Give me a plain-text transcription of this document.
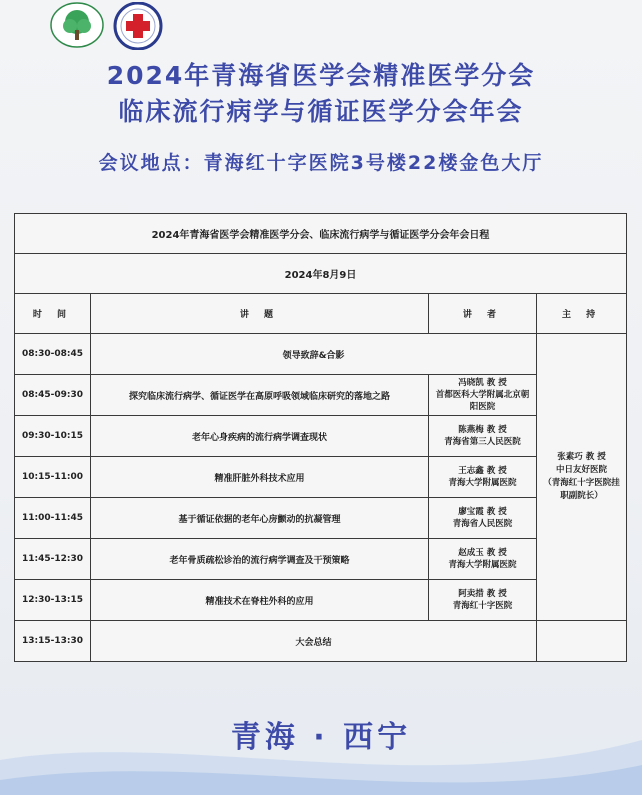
2024年青海省医学会精准医学分会
临床流行病学与循证医学分会年会
会议地点：青海红十字医院3号楼22楼金色大厅
2024年青海省医学会精准医学分会、临床流行病学与循证医学分会年会日程			
2024年8月9日			
时 间	讲 题	讲 者	主 持
08:30-08:45	领导致辞&合影		张素巧 教 授
中日友好医院
（青海红十字医院挂职副院长）

08:45-09:30	探究临床流行病学、循证医学在高原呼吸领域临床研究的落地之路	冯晓凯 教 授
首都医科大学附属北京朝阳医院	

09:30-10:15	老年心身疾病的流行病学调查现状	陈燕梅 教 授
青海省第三人民医院	

10:15-11:00	精准肝脏外科技术应用	王志鑫 教 授
青海大学附属医院	

11:00-11:45	基于循证依据的老年心房颤动的抗凝管理	廖宝霞 教 授
青海省人民医院	

11:45-12:30	老年骨质疏松诊治的流行病学调查及干预策略	赵成玉 教 授
青海大学附属医院	

12:30-13:15	精准技术在脊柱外科的应用	阿卖措 教 授
青海红十字医院	

13:15-13:30	大会总结		
青海 · 西宁
